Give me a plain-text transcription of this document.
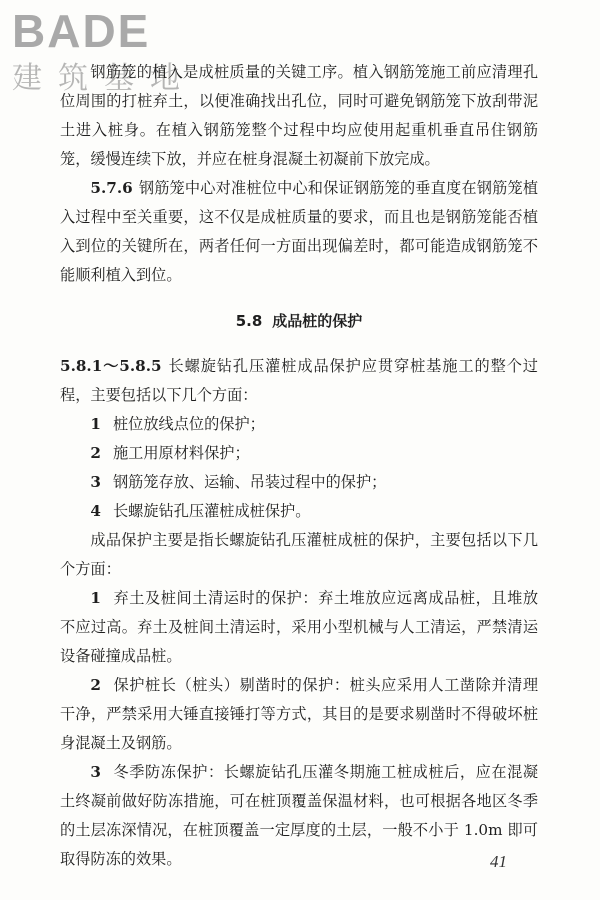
BADE
建筑基地

钢筋笼的植入是成桩质量的关键工序。植入钢筋笼施工前应清理孔位周围的打桩弃土，以便准确找出孔位，同时可避免钢筋笼下放刮带泥土进入桩身。在植入钢筋笼整个过程中均应使用起重机垂直吊住钢筋笼，缓慢连续下放，并应在桩身混凝土初凝前下放完成。

5.7.6 钢筋笼中心对准桩位中心和保证钢筋笼的垂直度在钢筋笼植入过程中至关重要，这不仅是成桩质量的要求，而且也是钢筋笼能否植入到位的关键所在，两者任何一方面出现偏差时，都可能造成钢筋笼不能顺利植入到位。

5.8 成品桩的保护

5.8.1～5.8.5 长螺旋钻孔压灌桩成品保护应贯穿桩基施工的整个过程，主要包括以下几个方面：

1 桩位放线点位的保护；

2 施工用原材料保护；

3 钢筋笼存放、运输、吊装过程中的保护；

4 长螺旋钻孔压灌桩成桩保护。

成品保护主要是指长螺旋钻孔压灌桩成桩的保护，主要包括以下几个方面：

1 弃土及桩间土清运时的保护：弃土堆放应远离成品桩，且堆放不应过高。弃土及桩间土清运时，采用小型机械与人工清运，严禁清运设备碰撞成品桩。

2 保护桩长（桩头）剔凿时的保护：桩头应采用人工凿除并清理干净，严禁采用大锤直接锤打等方式，其目的是要求剔凿时不得破坏桩身混凝土及钢筋。

3 冬季防冻保护：长螺旋钻孔压灌冬期施工桩成桩后，应在混凝土终凝前做好防冻措施，可在桩顶覆盖保温材料，也可根据各地区冬季的土层冻深情况，在桩顶覆盖一定厚度的土层，一般不小于 1.0m 即可取得防冻的效果。	41
